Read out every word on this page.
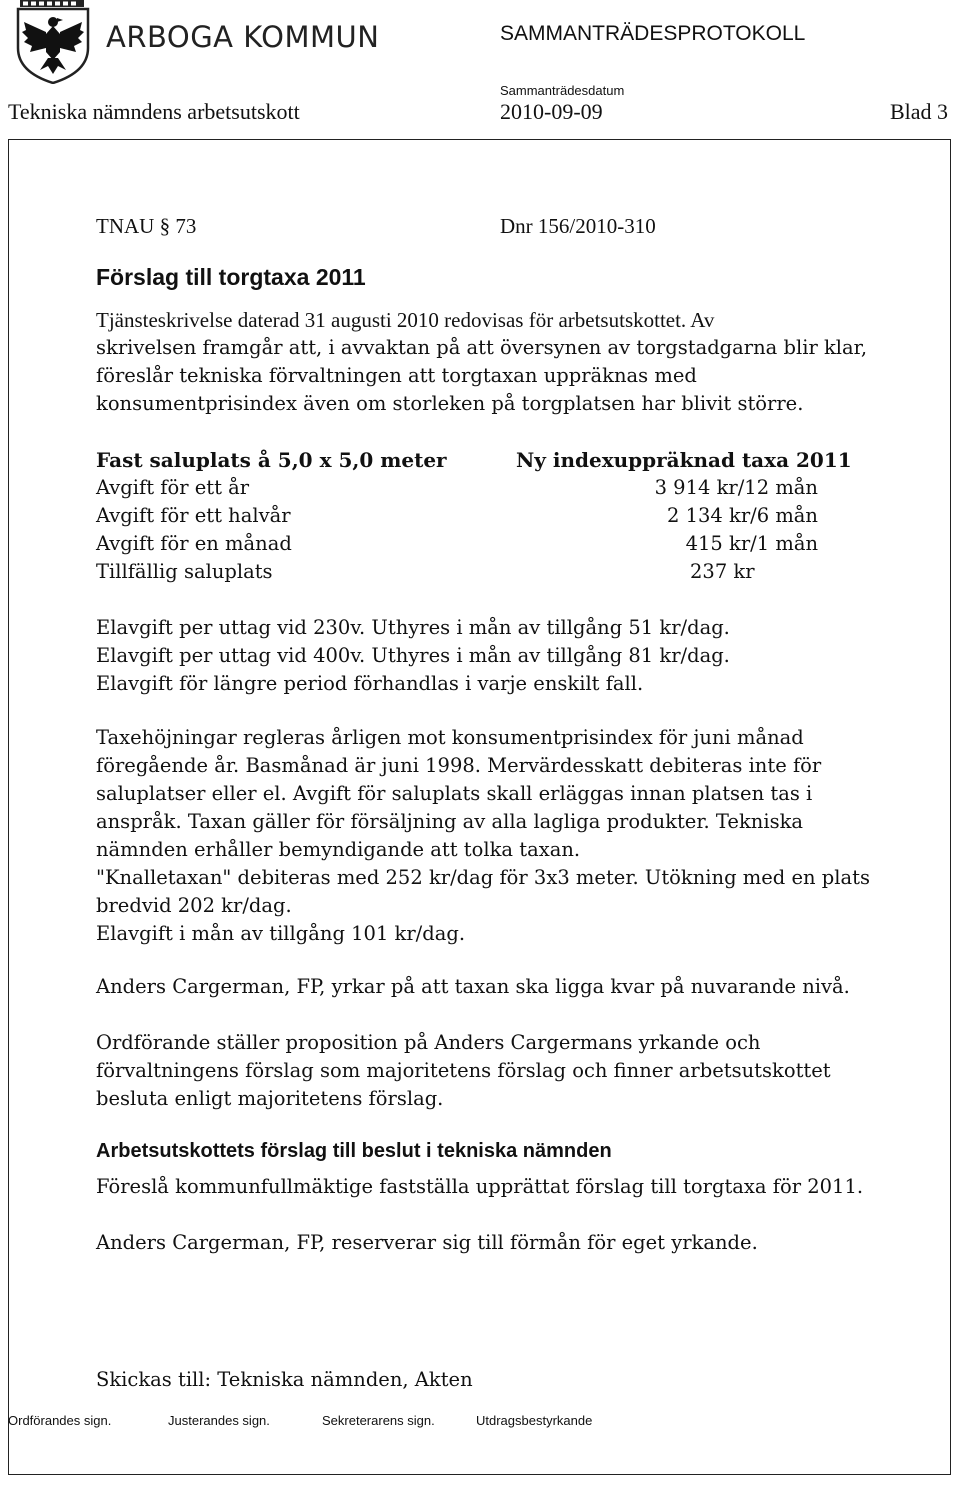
ARBOGA KOMMUN	SAMMANTRÄDESPROTOKOLL
Sammanträdesdatum
Tekniska nämndens arbetsutskott	2010-09-09	Blad 3
TNAU § 73	Dnr 156/2010-310
Förslag till torgtaxa 2011
Tjänsteskrivelse daterad 31 augusti 2010 redovisas för arbetsutskottet. Av
skrivelsen framgår att, i avvaktan på att översynen av torgstadgarna blir klar,
föreslår tekniska förvaltningen att torgtaxan uppräknas med
konsumentprisindex även om storleken på torgplatsen har blivit större.
Fast saluplats å 5,0 x 5,0 meter	Ny indexuppräknad taxa 2011
Avgift för ett år	3 914 kr/12 mån
Avgift för ett halvår	2 134 kr/6 mån
Avgift för en månad	415 kr/1 mån
Tillfällig saluplats	237 kr
Elavgift per uttag vid 230v. Uthyres i mån av tillgång 51 kr/dag.
Elavgift per uttag vid 400v. Uthyres i mån av tillgång 81 kr/dag.
Elavgift för längre period förhandlas i varje enskilt fall.
Taxehöjningar regleras årligen mot konsumentprisindex för juni månad
föregående år. Basmånad är juni 1998. Mervärdesskatt debiteras inte för
saluplatser eller el. Avgift för saluplats skall erläggas innan platsen tas i
anspråk. Taxan gäller för försäljning av alla lagliga produkter. Tekniska
nämnden erhåller bemyndigande att tolka taxan.
"Knalletaxan" debiteras med 252 kr/dag för 3x3 meter. Utökning med en plats
bredvid 202 kr/dag.
Elavgift i mån av tillgång 101 kr/dag.
Anders Cargerman, FP, yrkar på att taxan ska ligga kvar på nuvarande nivå.
Ordförande ställer proposition på Anders Cargermans yrkande och
förvaltningens förslag som majoritetens förslag och finner arbetsutskottet
besluta enligt majoritetens förslag.
Arbetsutskottets förslag till beslut i tekniska nämnden
Föreslå kommunfullmäktige fastställa upprättat förslag till torgtaxa för 2011.
Anders Cargerman, FP, reserverar sig till förmån för eget yrkande.
Skickas till: Tekniska nämnden, Akten
Ordförandes sign.	Justerandes sign.	Sekreterarens sign.	Utdragsbestyrkande
